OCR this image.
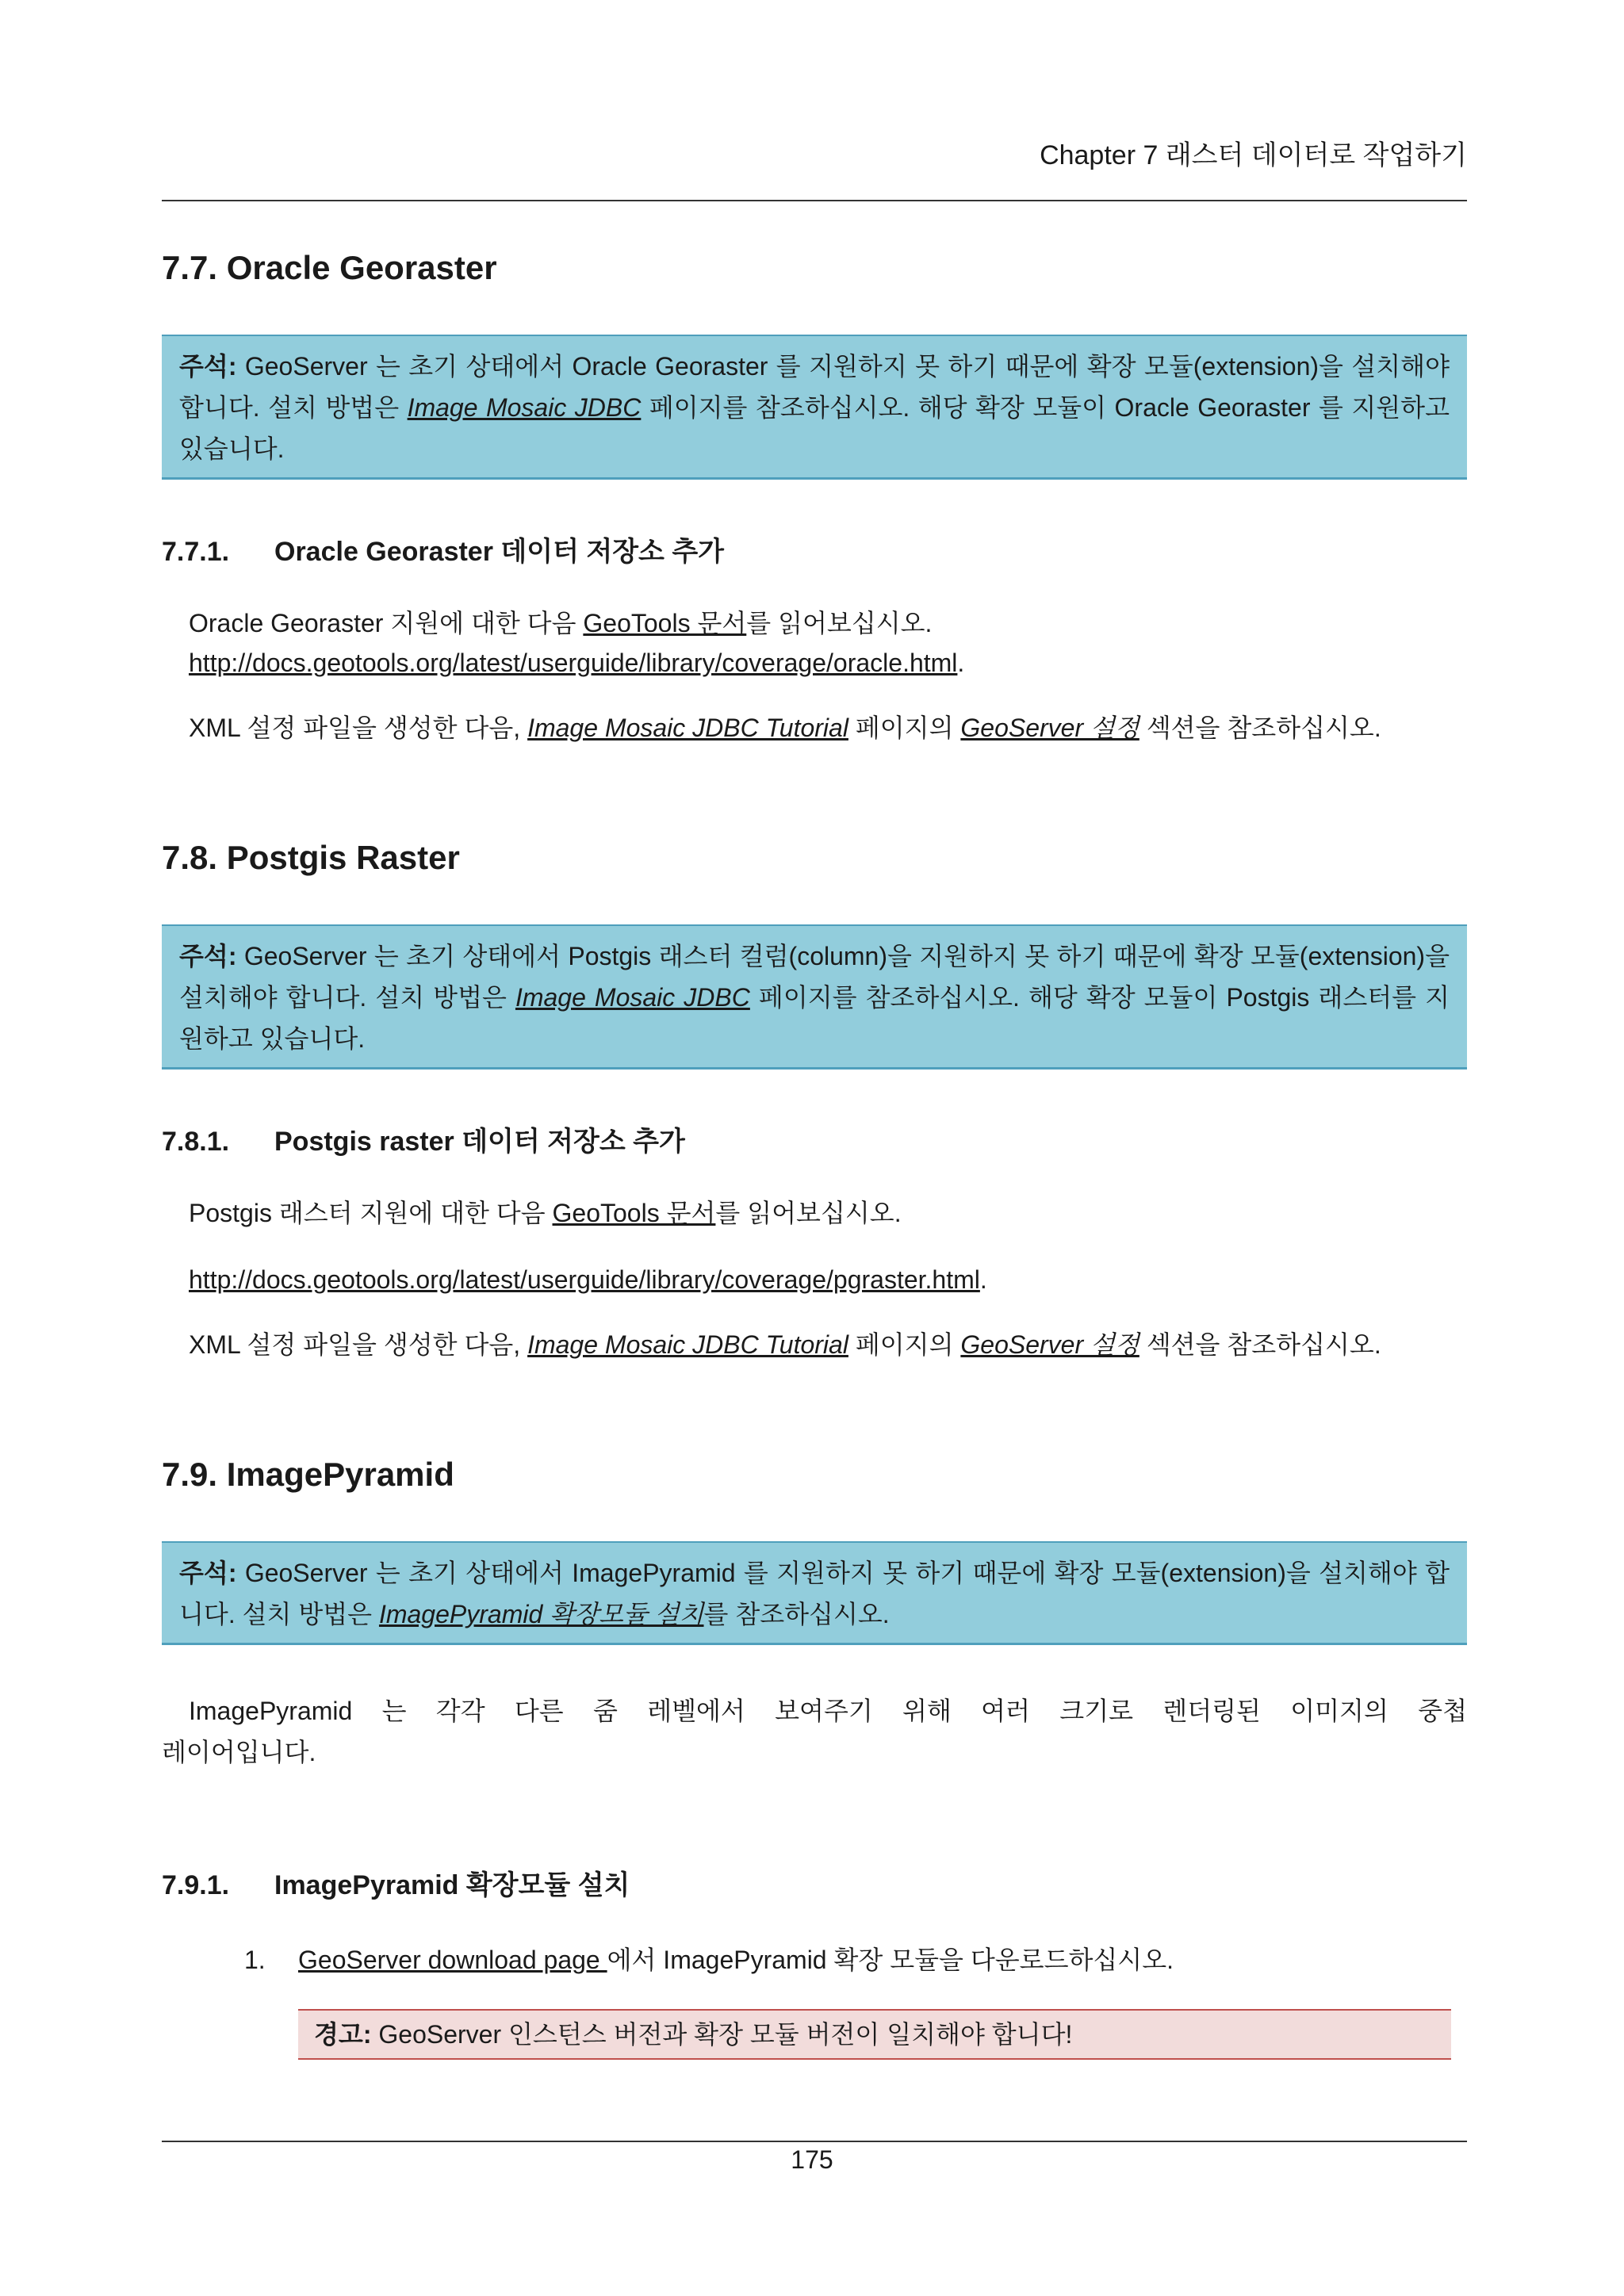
Chapter 7 래스터 데이터로 작업하기
7.7. Oracle Georaster
주석: GeoServer 는 초기 상태에서 Oracle Georaster 를 지원하지 못 하기 때문에 확장 모듈(extension)을 설치해야 합니다. 설치 방법은 Image Mosaic JDBC 페이지를 참조하십시오. 해당 확장 모듈이 Oracle Georaster 를 지원하고 있습니다.
7.7.1. Oracle Georaster 데이터 저장소 추가
Oracle Georaster 지원에 대한 다음 GeoTools 문서를 읽어보십시오.
http://docs.geotools.org/latest/userguide/library/coverage/oracle.html.
XML 설정 파일을 생성한 다음, Image Mosaic JDBC Tutorial 페이지의 GeoServer 설정 섹션을 참조하십시오.
7.8. Postgis Raster
주석: GeoServer 는 초기 상태에서 Postgis 래스터 컬럼(column)을 지원하지 못 하기 때문에 확장 모듈(extension)을 설치해야 합니다. 설치 방법은 Image Mosaic JDBC 페이지를 참조하십시오. 해당 확장 모듈이 Postgis 래스터를 지원하고 있습니다.
7.8.1. Postgis raster 데이터 저장소 추가
Postgis 래스터 지원에 대한 다음 GeoTools 문서를 읽어보십시오.
http://docs.geotools.org/latest/userguide/library/coverage/pgraster.html.
XML 설정 파일을 생성한 다음, Image Mosaic JDBC Tutorial 페이지의 GeoServer 설정 섹션을 참조하십시오.
7.9. ImagePyramid
주석: GeoServer 는 초기 상태에서 ImagePyramid 를 지원하지 못 하기 때문에 확장 모듈(extension)을 설치해야 합니다. 설치 방법은 ImagePyramid 확장모듈 설치를 참조하십시오.
ImagePyramid 는 각각 다른 줌 레벨에서 보여주기 위해 여러 크기로 렌더링된 이미지의 중첩
레이어입니다.
7.9.1. ImagePyramid 확장모듈 설치
1. GeoServer download page 에서 ImagePyramid 확장 모듈을 다운로드하십시오.
경고: GeoServer 인스턴스 버전과 확장 모듈 버전이 일치해야 합니다!
175
